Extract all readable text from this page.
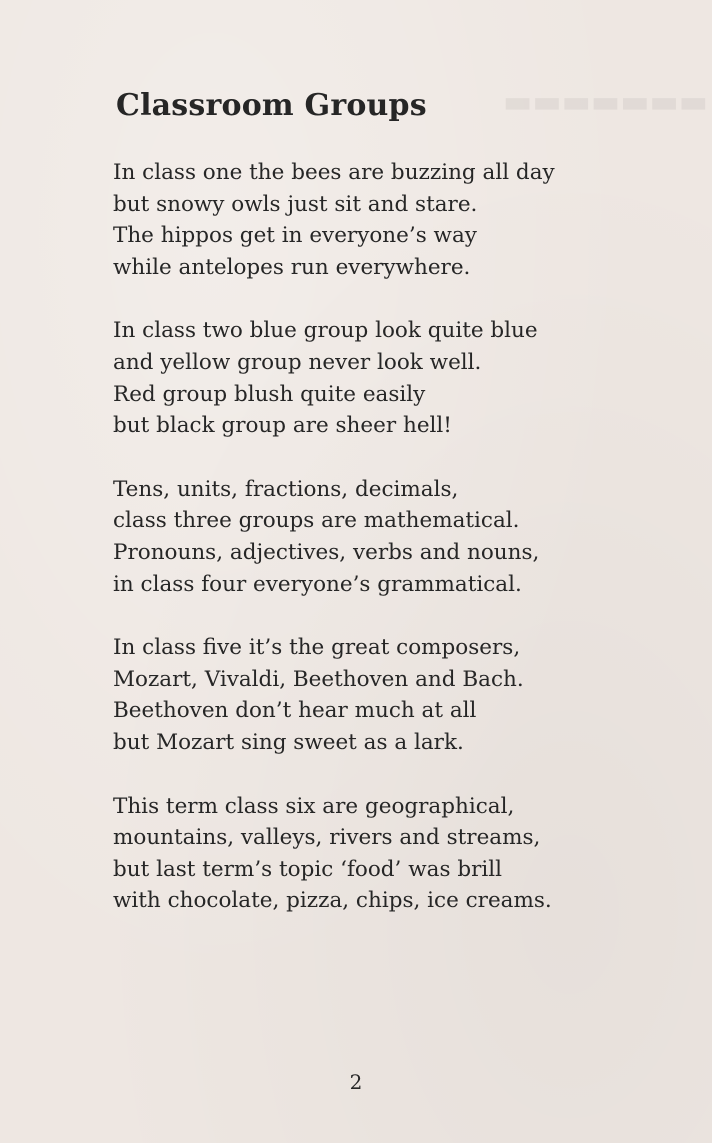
▬▬▬▬▬▬▬
Classroom Groups
In class one the bees are buzzing all day
but snowy owls just sit and stare.
The hippos get in everyone’s way
while antelopes run everywhere.
In class two blue group look quite blue
and yellow group never look well.
Red group blush quite easily
but black group are sheer hell!
Tens, units, fractions, decimals,
class three groups are mathematical.
Pronouns, adjectives, verbs and nouns,
in class four everyone’s grammatical.
In class five it’s the great composers,
Mozart, Vivaldi, Beethoven and Bach.
Beethoven don’t hear much at all
but Mozart sing sweet as a lark.
This term class six are geographical,
mountains, valleys, rivers and streams,
but last term’s topic ‘food’ was brill
with chocolate, pizza, chips, ice creams.
2
